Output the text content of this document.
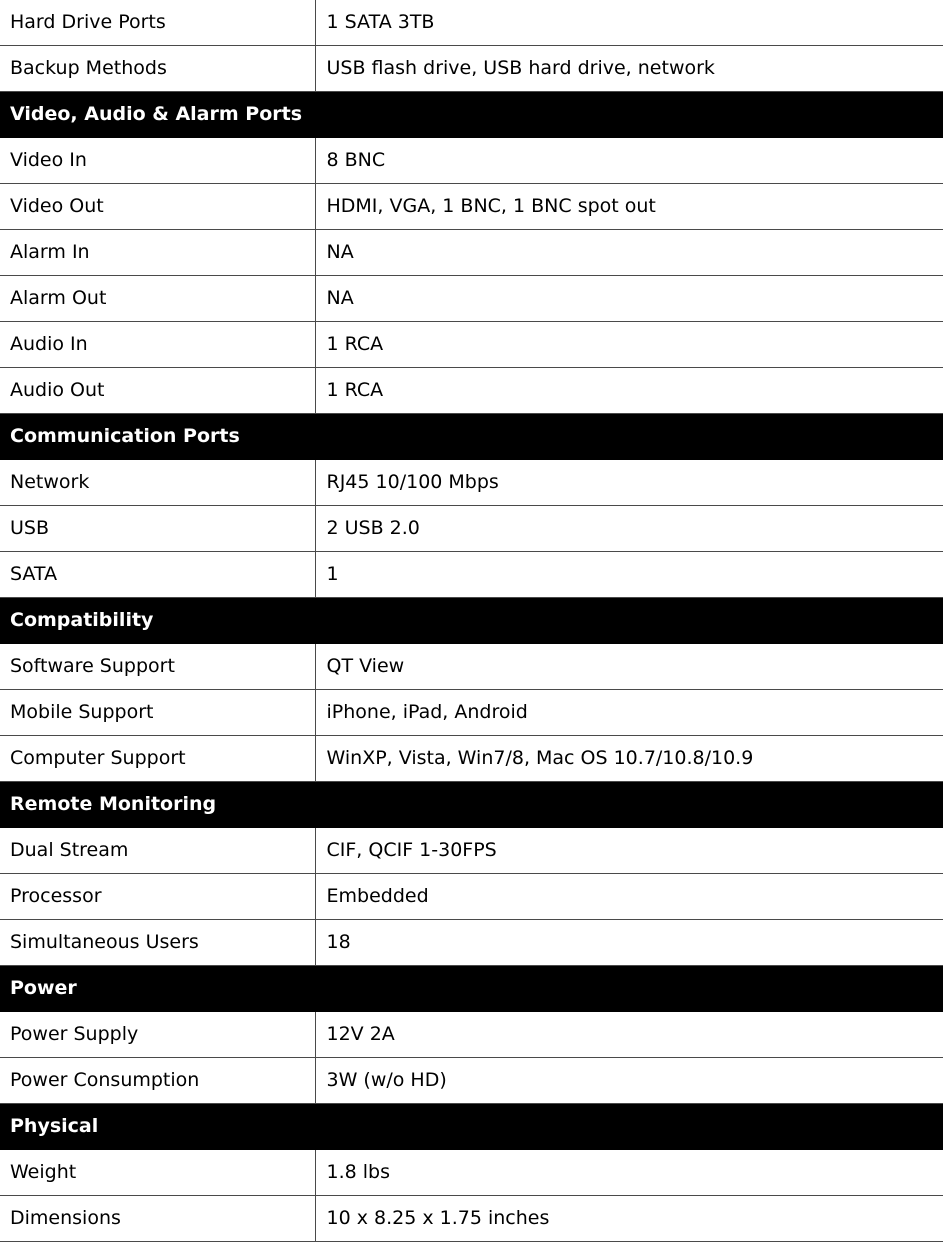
Hard Drive Ports	1 SATA 3TB
Backup Methods	USB flash drive, USB hard drive, network
Video, Audio & Alarm Ports	
Video In	8 BNC
Video Out	HDMI, VGA, 1 BNC, 1 BNC spot out
Alarm In	NA
Alarm Out	NA
Audio In	1 RCA
Audio Out	1 RCA
Communication Ports	
Network	RJ45 10/100 Mbps
USB	2 USB 2.0
SATA	1
Compatibility	
Software Support	QT View
Mobile Support	iPhone, iPad, Android
Computer Support	WinXP, Vista, Win7/8, Mac OS 10.7/10.8/10.9
Remote Monitoring	
Dual Stream	CIF, QCIF 1-30FPS
Processor	Embedded
Simultaneous Users	18
Power	
Power Supply	12V 2A
Power Consumption	3W (w/o HD)
Physical	
Weight	1.8 lbs
Dimensions	10 x 8.25 x 1.75 inches
